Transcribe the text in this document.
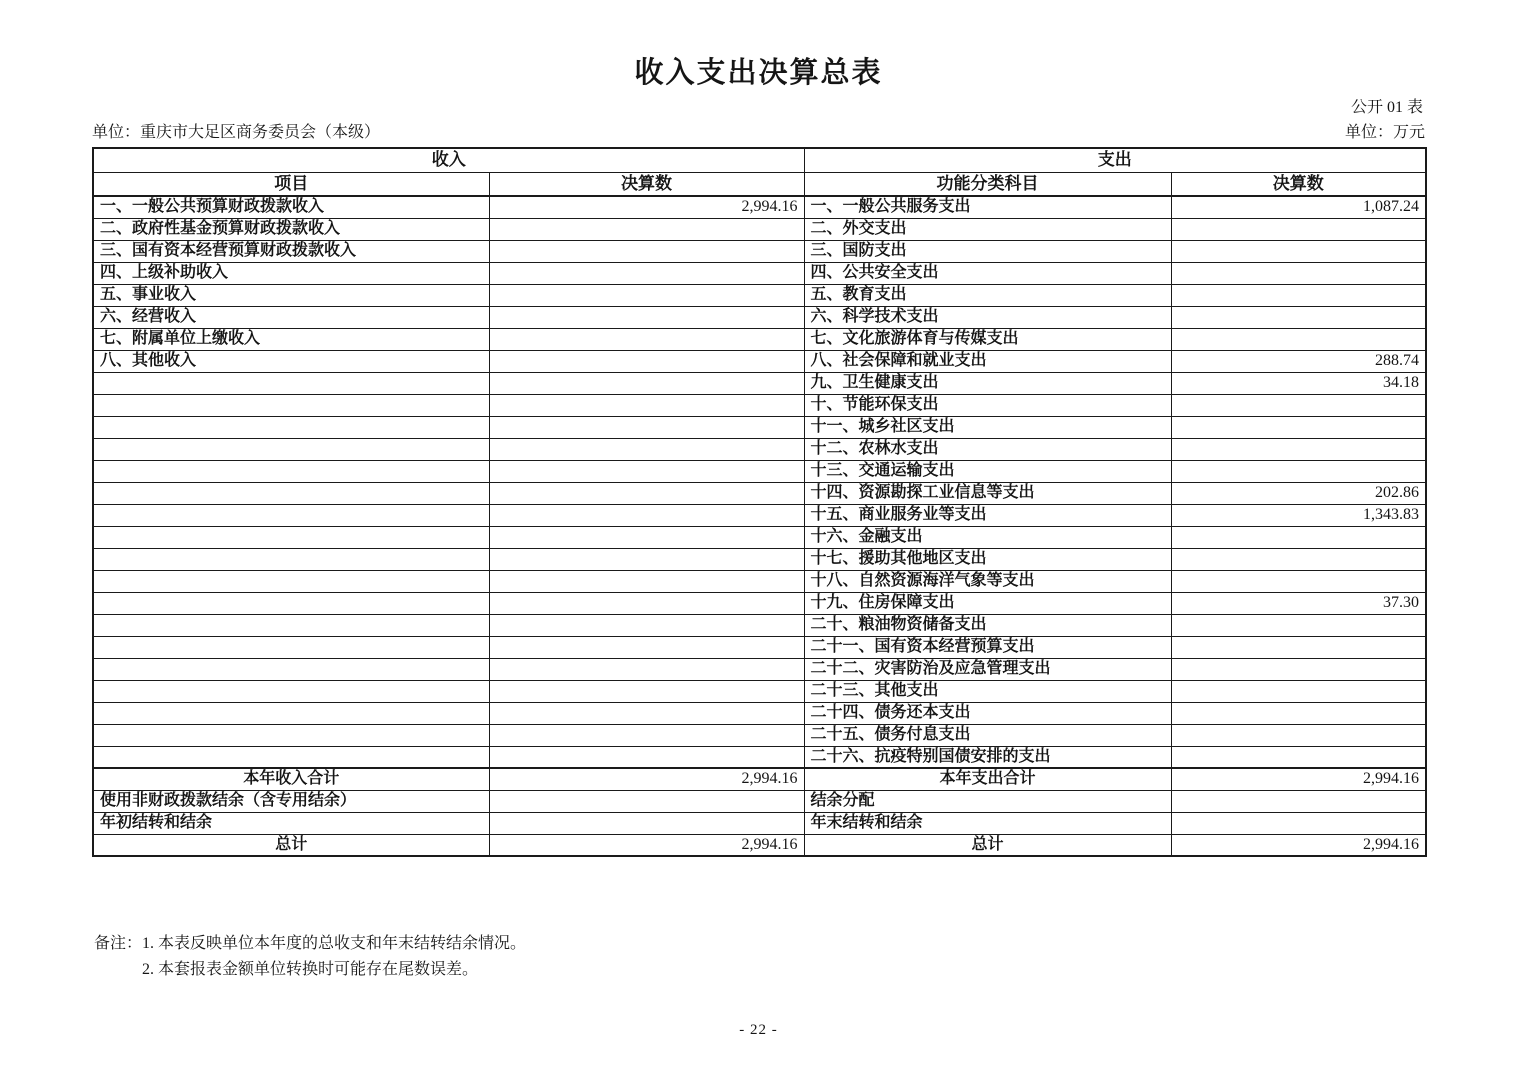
收入支出决算总表
公开 01 表
单位：重庆市大足区商务委员会（本级）	单位：万元
收入		支出	
项目	决算数	功能分类科目	决算数
一、一般公共预算财政拨款收入	2,994.16	一、一般公共服务支出	1,087.24
二、政府性基金预算财政拨款收入		二、外交支出	
三、国有资本经营预算财政拨款收入		三、国防支出	
四、上级补助收入		四、公共安全支出	
五、事业收入		五、教育支出	
六、经营收入		六、科学技术支出	
七、附属单位上缴收入		七、文化旅游体育与传媒支出	
八、其他收入		八、社会保障和就业支出	288.74
		九、卫生健康支出	34.18
		十、节能环保支出	
		十一、城乡社区支出	
		十二、农林水支出	
		十三、交通运输支出	
		十四、资源勘探工业信息等支出	202.86
		十五、商业服务业等支出	1,343.83
		十六、金融支出	
		十七、援助其他地区支出	
		十八、自然资源海洋气象等支出	
		十九、住房保障支出	37.30
		二十、粮油物资储备支出	
		二十一、国有资本经营预算支出	
		二十二、灾害防治及应急管理支出	
		二十三、其他支出	
		二十四、债务还本支出	
		二十五、债务付息支出	
		二十六、抗疫特别国债安排的支出	
本年收入合计	2,994.16	本年支出合计	2,994.16
使用非财政拨款结余（含专用结余）		结余分配	
年初结转和结余		年末结转和结余	
总计	2,994.16	总计	2,994.16
备注： 1. 本表反映单位本年度的总收支和年末结转结余情况。
2. 本套报表金额单位转换时可能存在尾数误差。
- 22 -
